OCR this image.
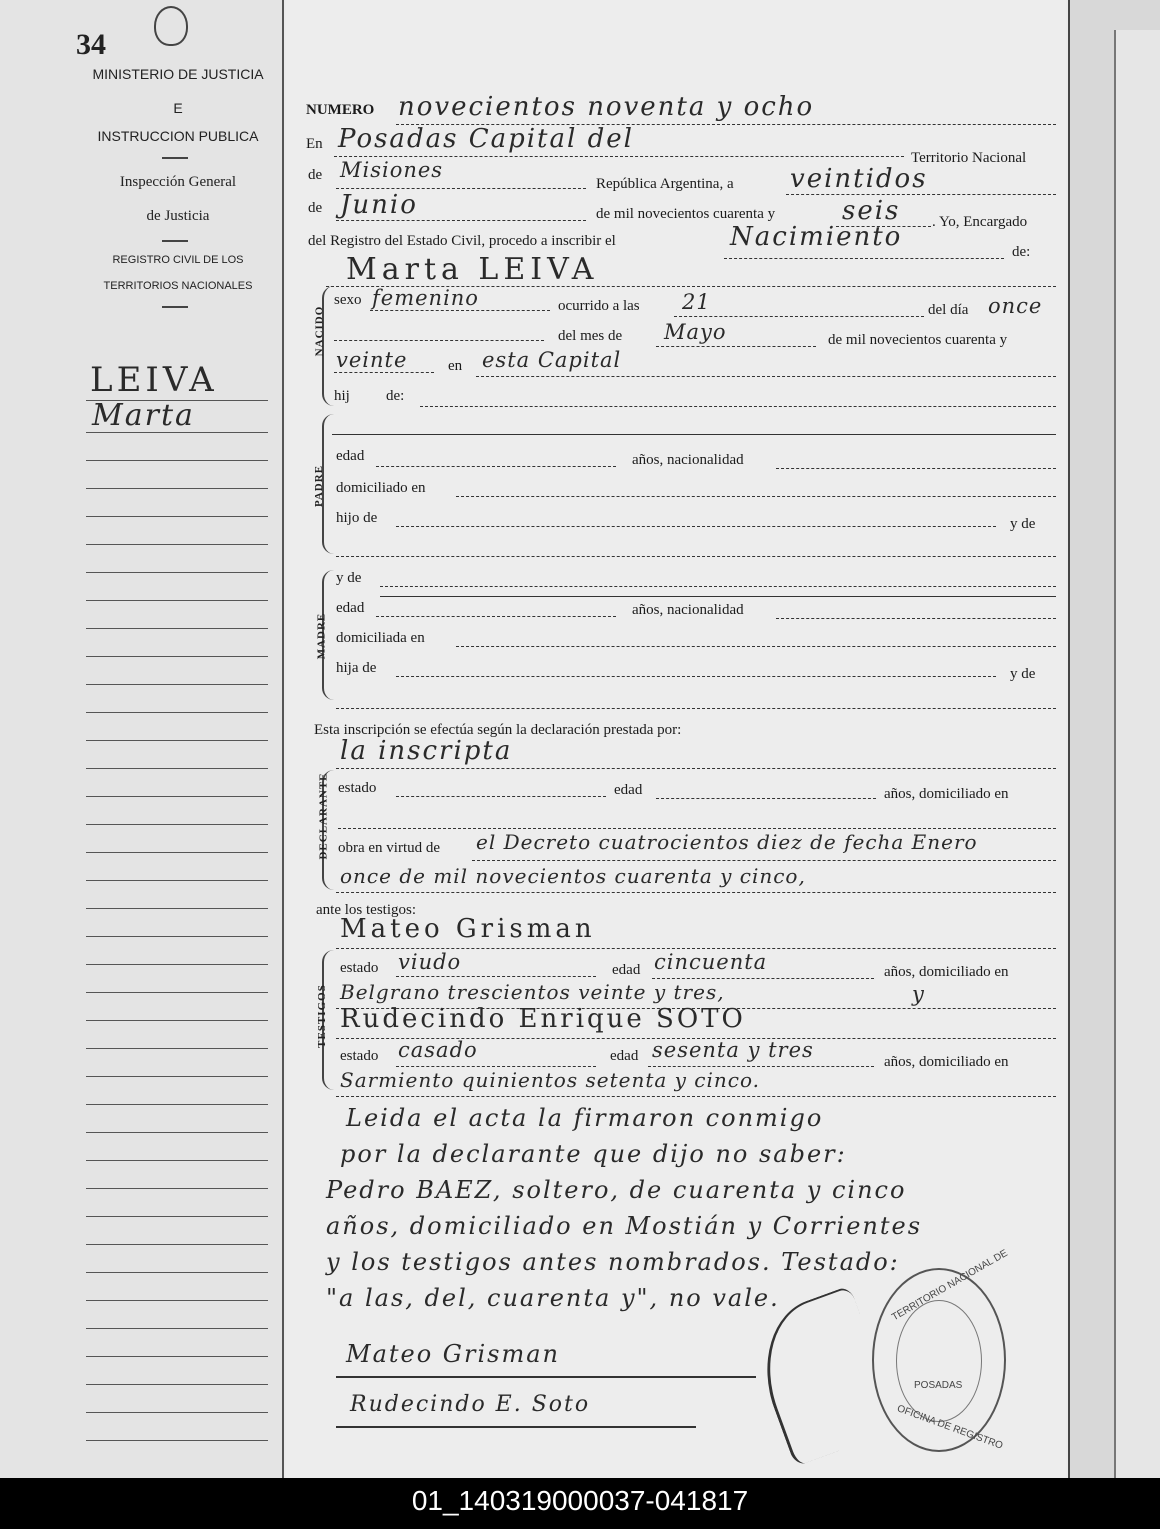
34
MINISTERIO DE JUSTICIA
E
INSTRUCCION PUBLICA
Inspección General
de Justicia
REGISTRO CIVIL DE LOS
TERRITORIOS NACIONALES
LEIVA
Marta
NUMERO novecientos noventa y ocho
En Posadas Capital del
Territorio Nacional
de Misiones
República Argentina, a veintidos
de Junio	de mil novecientos cuarenta y	seis . Yo, Encargado
del Registro del Estado Civil, procedo a inscribir el	Nacimiento	de:
Marta LEIVA
NACIDO
sexo femenino	ocurrido a las 21	del día once
del mes de Mayo	de mil novecientos cuarenta y
veinte	en esta Capital
hij de:
PADRE
edad	años, nacionalidad
domiciliado en
hijo de	y de
MADRE
y de
edad	años, nacionalidad
domiciliada en
hija de	y de
Esta inscripción se efectúa según la declaración prestada por:
la inscripta
DECLARANTE estado	edad	años, domiciliado en
obra en virtud de el Decreto cuatrocientos diez de fecha Enero
once de mil novecientos cuarenta y cinco,
ante los testigos:
Mateo Grisman
TESTIGOS
estado viudo	edad cincuenta	años, domiciliado en
Belgrano trescientos veinte y tres,	y
Rudecindo Enrique SOTO
estado casado	edad sesenta y tres	años, domiciliado en
Sarmiento quinientos setenta y cinco.
Leida el acta la firmaron conmigo
por la declarante que dijo no saber:
Pedro BAEZ, soltero, de cuarenta y cinco
años, domiciliado en Mostián y Corrientes
y los testigos antes nombrados. Testado:
"a las, del, cuarenta y", no vale.
Mateo Grisman
Rudecindo E. Soto
TERRITORIO NACIONAL DE
POSADAS
OFICINA DE REGISTRO
01_140319000037-041817
